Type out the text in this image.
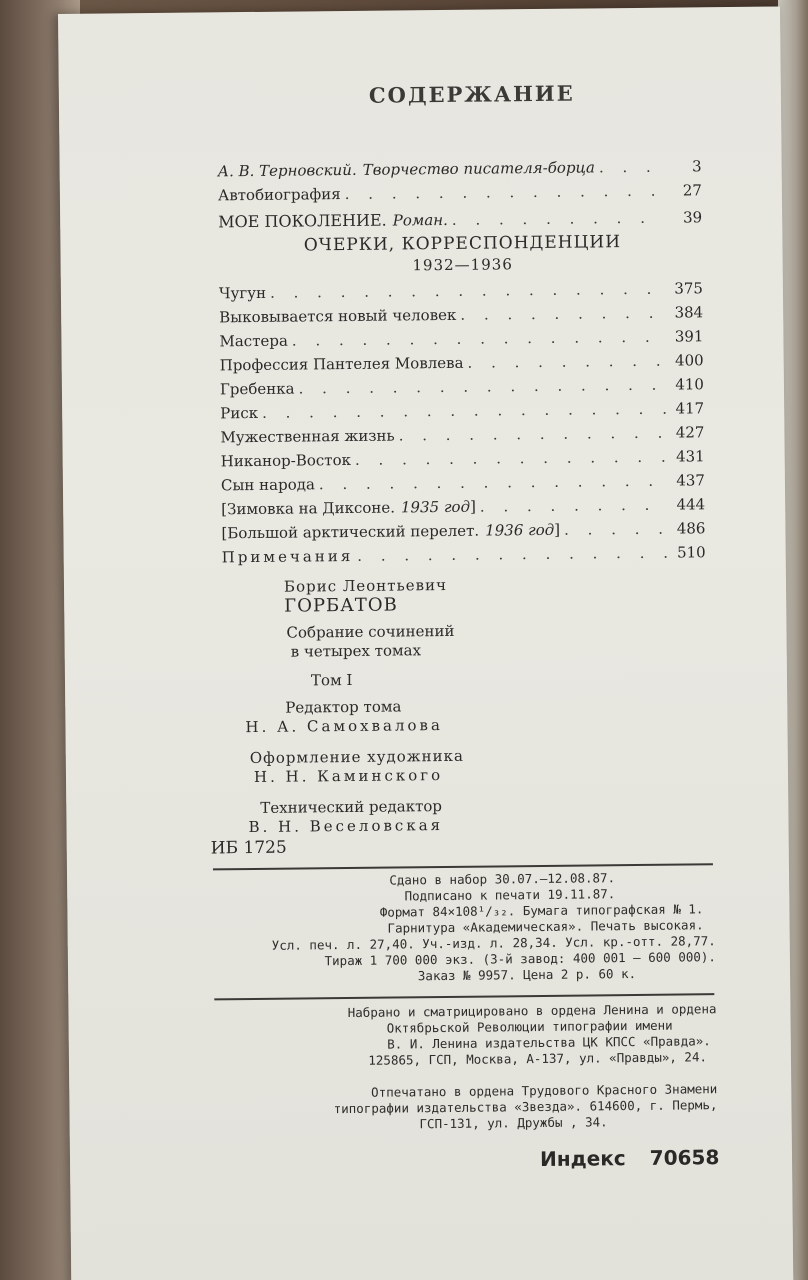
СОДЕРЖАНИЕ
А. В. Терновский. Творчество писателя-борца . . .	3
Автобиография . . .	27
МОЕ ПОКОЛЕНИЕ. Роман. . . .	39
ОЧЕРКИ, КОРРЕСПОНДЕНЦИИ
1932—1936
Чугун . . .	375
Выковывается новый человек . . .	384
Мастера . . .	391
Профессия Пантелея Мовлева . . .	400
Гребенка . . .	410
Риск . . .	417
Мужественная жизнь . . .	427
Никанор-Восток . . .	431
Сын народа . . .	437
[Зимовка на Диксоне. 1935 год ] . . .	444
[Большой арктический перелет. 1936 год ] . . .	486
Примечания . . .	510
Борис Леонтьевич
ГОРБАТОВ
Собрание сочинений
в четырех томах
Том I
Редактор тома
Н. А. Самохвалова
Оформление художника
Н. Н. Каминского
Технический редактор
В. Н. Веселовская
ИБ 1725
Сдано в набор 30.07.—12.08.87.
Подписано к печати 19.11.87.
Формат 84×108¹/₃₂. Бумага типографская № 1.
Гарнитура «Академическая». Печать высокая.
Усл. печ. л. 27,40. Уч.-изд. л. 28,34. Усл. кр.-отт. 28,77.
Тираж 1 700 000 экз. (3-й завод: 400 001 — 600 000).
Заказ № 9957. Цена 2 р. 60 к.
Набрано и сматрицировано в ордена Ленина и ордена
Октябрьской Революции типографии имени
В. И. Ленина издательства ЦК КПСС «Правда».
125865, ГСП, Москва, А-137, ул. «Правды», 24.
Отпечатано в ордена Трудового Красного Знамени
типографии издательства «Звезда». 614600, г. Пермь,
ГСП-131, ул. Дружбы , 34.
Индекс 70658
